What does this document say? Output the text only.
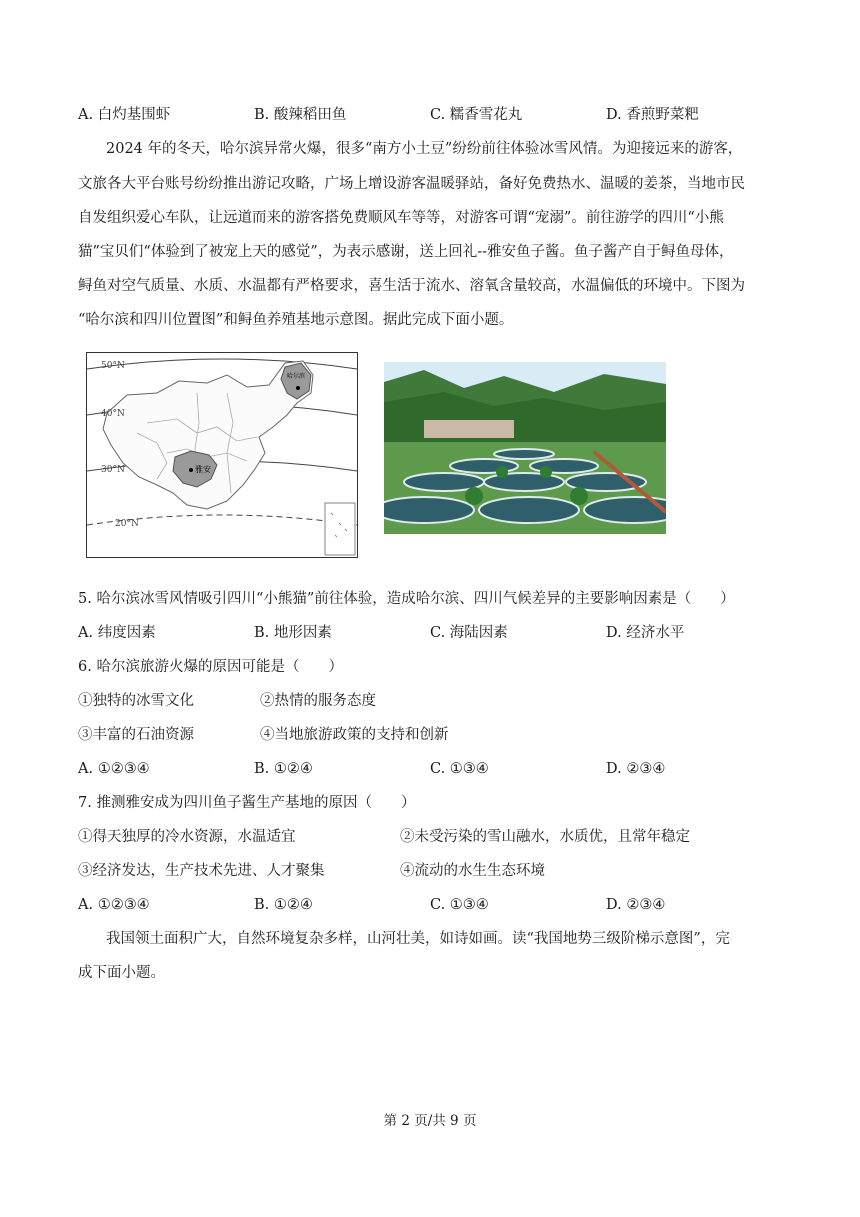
A. 白灼基围虾	B. 酸辣稻田鱼	C. 糯香雪花丸	D. 香煎野菜粑
2024 年的冬天，哈尔滨异常火爆，很多“南方小土豆”纷纷前往体验冰雪风情。为迎接远来的游客，
文旅各大平台账号纷纷推出游记攻略，广场上增设游客温暖驿站，备好免费热水、温暖的姜茶，当地市民
自发组织爱心车队，让远道而来的游客搭免费顺风车等等，对游客可谓“宠溺”。前往游学的四川“小熊
猫”宝贝们“体验到了被宠上天的感觉”，为表示感谢，送上回礼--雅安鱼子酱。鱼子酱产自于鲟鱼母体，
鲟鱼对空气质量、水质、水温都有严格要求，喜生活于流水、溶氧含量较高，水温偏低的环境中。下图为
“哈尔滨和四川位置图”和鲟鱼养殖基地示意图。据此完成下面小题。
50°N
40°N
30°N
20°N
雅安
哈尔滨
5. 哈尔滨冰雪风情吸引四川“小熊猫”前往体验，造成哈尔滨、四川气候差异的主要影响因素是（　　）
A. 纬度因素	B. 地形因素	C. 海陆因素	D. 经济水平
6. 哈尔滨旅游火爆的原因可能是（　　）
①独特的冰雪文化	②热情的服务态度
③丰富的石油资源	④当地旅游政策的支持和创新
A. ①②③④	B. ①②④	C. ①③④	D. ②③④
7. 推测雅安成为四川鱼子酱生产基地的原因（　　）
①得天独厚的冷水资源，水温适宜	②未受污染的雪山融水，水质优，且常年稳定
③经济发达，生产技术先进、人才聚集	④流动的水生生态环境
A. ①②③④	B. ①②④	C. ①③④	D. ②③④
我国领土面积广大，自然环境复杂多样，山河壮美，如诗如画。读“我国地势三级阶梯示意图”，完
成下面小题。
第 2 页/共 9 页
